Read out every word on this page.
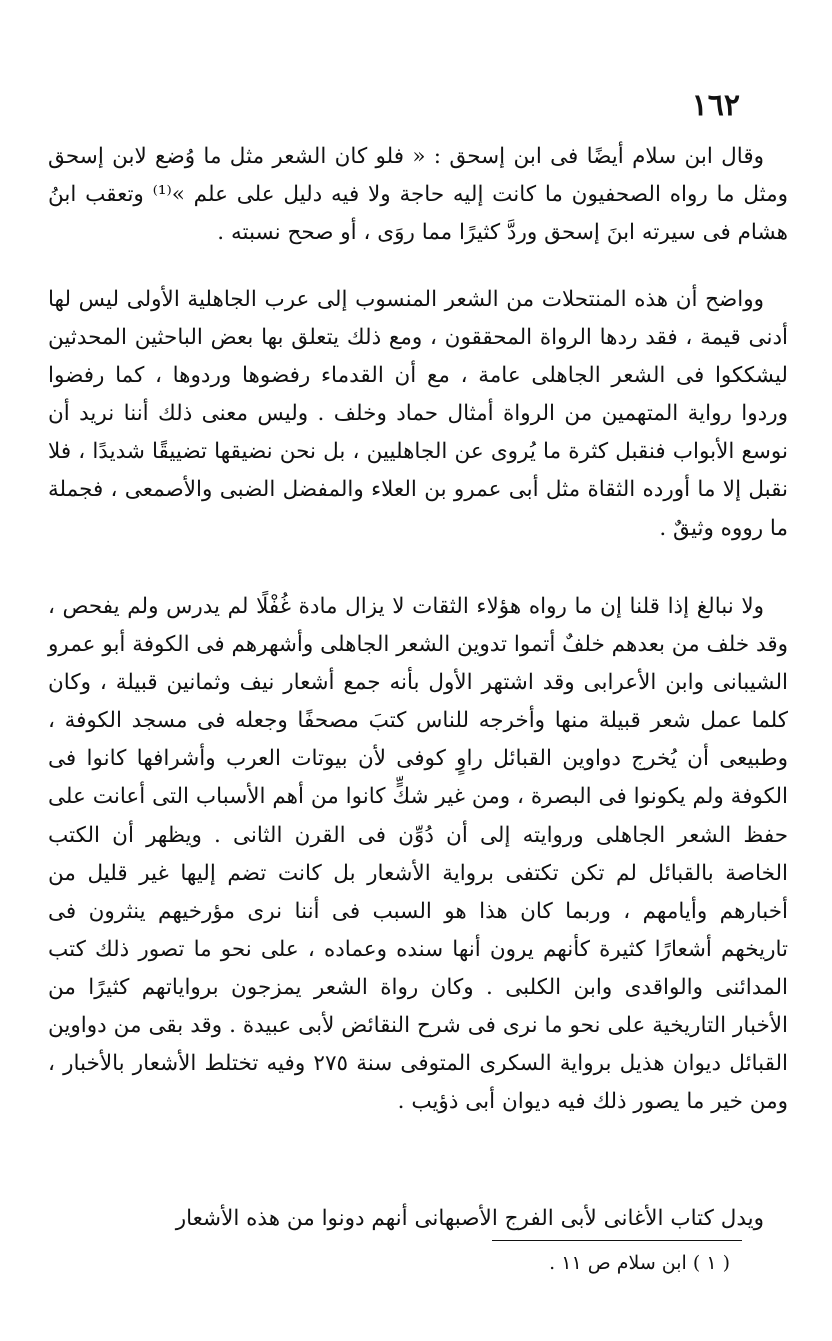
١٦٢

وقال ابن سلام أيضًا فى ابن إسحق : « فلو كان الشعر مثل ما وُضع لابن إسحق ومثل ما رواه الصحفيون ما كانت إليه حاجة ولا فيه دليل على علم »⁽¹⁾ وتعقب ابنُ هشام فى سيرته ابنَ إسحق وردَّ كثيرًا مما روَى ، أو صحح نسبته .

وواضح أن هذه المنتحلات من الشعر المنسوب إلى عرب الجاهلية الأولى ليس لها أدنى قيمة ، فقد ردها الرواة المحققون ، ومع ذلك يتعلق بها بعض الباحثين المحدثين ليشككوا فى الشعر الجاهلى عامة ، مع أن القدماء رفضوها وردوها ، كما رفضوا وردوا رواية المتهمين من الرواة أمثال حماد وخلف . وليس معنى ذلك أننا نريد أن نوسع الأبواب فنقبل كثرة ما يُروى عن الجاهليين ، بل نحن نضيقها تضييقًا شديدًا ، فلا نقبل إلا ما أورده الثقاة مثل أبى عمرو بن العلاء والمفضل الضبى والأصمعى ، فجملة ما رووه وثيقٌ .

ولا نبالغ إذا قلنا إن ما رواه هؤلاء الثقات لا يزال مادة غُفْلًا لم يدرس ولم يفحص ، وقد خلف من بعدهم خلفٌ أتموا تدوين الشعر الجاهلى وأشهرهم فى الكوفة أبو عمرو الشيبانى وابن الأعرابى وقد اشتهر الأول بأنه جمع أشعار نيف وثمانين قبيلة ، وكان كلما عمل شعر قبيلة منها وأخرجه للناس كتبَ مصحفًا وجعله فى مسجد الكوفة ، وطبيعى أن يُخرج دواوين القبائل راوٍ كوفى لأن بيوتات العرب وأشرافها كانوا فى الكوفة ولم يكونوا فى البصرة ، ومن غير شكٍّ كانوا من أهم الأسباب التى أعانت على حفظ الشعر الجاهلى وروايته إلى أن دُوِّن فى القرن الثانى . ويظهر أن الكتب الخاصة بالقبائل لم تكن تكتفى برواية الأشعار بل كانت تضم إليها غير قليل من أخبارهم وأيامهم ، وربما كان هذا هو السبب فى أننا نرى مؤرخيهم ينثرون فى تاريخهم أشعارًا كثيرة كأنهم يرون أنها سنده وعماده ، على نحو ما تصور ذلك كتب المدائنى والواقدى وابن الكلبى . وكان رواة الشعر يمزجون برواياتهم كثيرًا من الأخبار التاريخية على نحو ما نرى فى شرح النقائض لأبى عبيدة . وقد بقى من دواوين القبائل ديوان هذيل برواية السكرى المتوفى سنة ٢٧٥ وفيه تختلط الأشعار بالأخبار ، ومن خير ما يصور ذلك فيه ديوان أبى ذؤيب .

ويدل كتاب الأغانى لأبى الفرج الأصبهانى أنهم دونوا من هذه الأشعار

( ١ ) ابن سلام ص ١١ .
